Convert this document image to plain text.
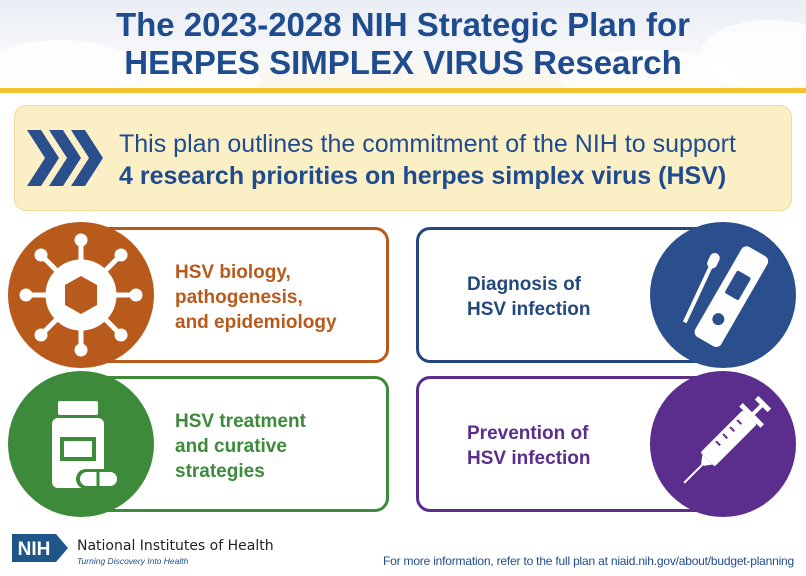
The 2023-2028 NIH Strategic Plan for
HERPES SIMPLEX VIRUS Research
This plan outlines the commitment of the NIH to support
4 research priorities on herpes simplex virus (HSV)
HSV biology,
pathogenesis,
and epidemiology
Diagnosis of
HSV infection
HSV treatment
and curative
strategies
Prevention of
HSV infection
NIH National Institutes of Health
Turning Discovery Into Health	For more information, refer to the full plan at niaid.nih.gov/about/budget-planning
